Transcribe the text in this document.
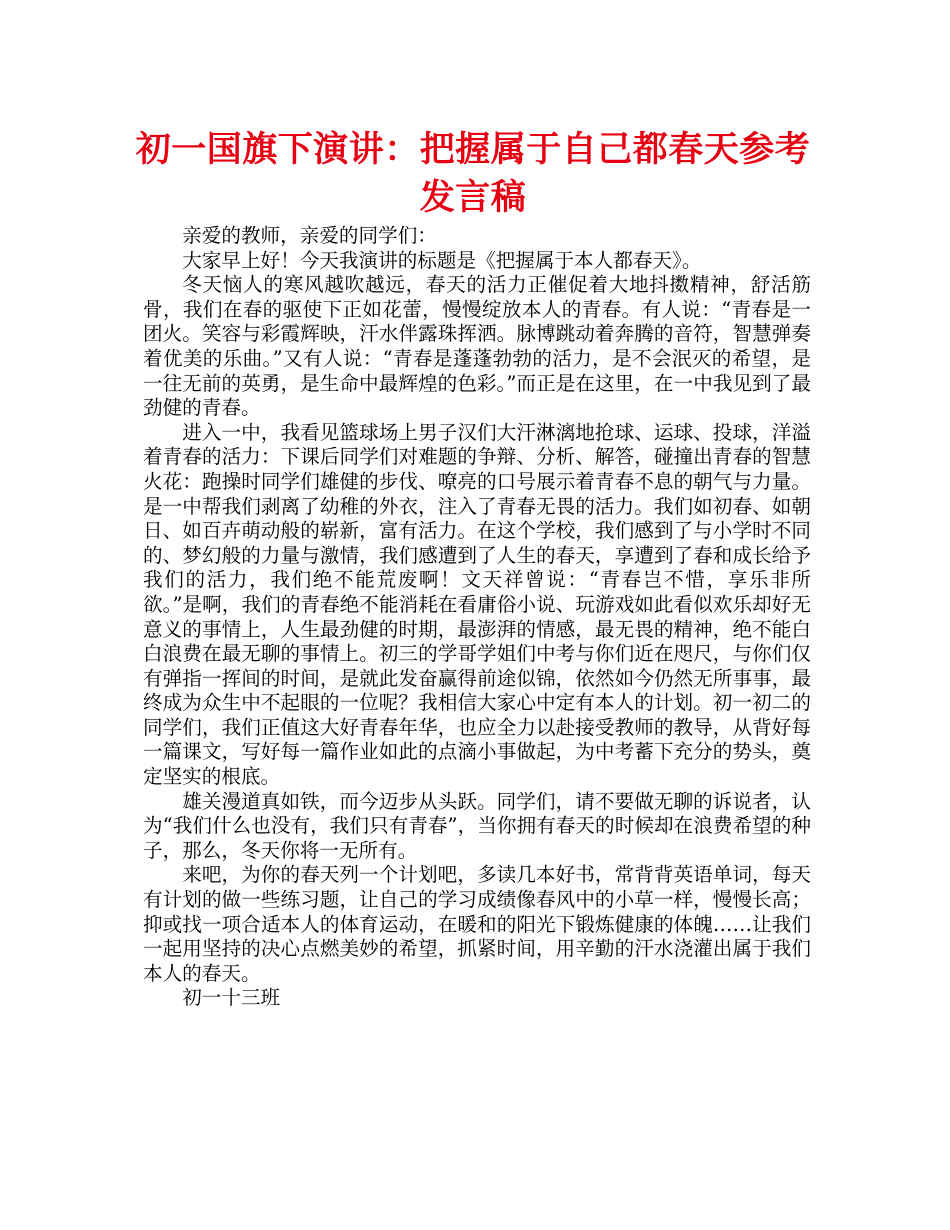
初一国旗下演讲：把握属于自己都春天参考发言稿

亲爱的教师，亲爱的同学们：

大家早上好！今天我演讲的标题是《把握属于本人都春天》。

冬天恼人的寒风越吹越远，春天的活力正催促着大地抖擞精神，舒活筋骨，我们在春的驱使下正如花蕾，慢慢绽放本人的青春。有人说：“青春是一团火。笑容与彩霞辉映，汗水伴露珠挥洒。脉博跳动着奔腾的音符，智慧弹奏着优美的乐曲。”又有人说：“青春是蓬蓬勃勃的活力，是不会泯灭的希望，是一往无前的英勇，是生命中最辉煌的色彩。”而正是在这里，在一中我见到了最劲健的青春。

进入一中，我看见篮球场上男子汉们大汗淋漓地抢球、运球、投球，洋溢着青春的活力：下课后同学们对难题的争辩、分析、解答，碰撞出青春的智慧火花：跑操时同学们雄健的步伐、嘹亮的口号展示着青春不息的朝气与力量。是一中帮我们剥离了幼稚的外衣，注入了青春无畏的活力。我们如初春、如朝日、如百卉萌动般的崭新，富有活力。在这个学校，我们感到了与小学时不同的、梦幻般的力量与激情，我们感遭到了人生的春天，享遭到了春和成长给予我们的活力，我们绝不能荒废啊！文天祥曾说：“青春岂不惜，享乐非所欲。”是啊，我们的青春绝不能消耗在看庸俗小说、玩游戏如此看似欢乐却好无意义的事情上，人生最劲健的时期，最澎湃的情感，最无畏的精神，绝不能白白浪费在最无聊的事情上。初三的学哥学姐们中考与你们近在咫尺，与你们仅有弹指一挥间的时间，是就此发奋赢得前途似锦，依然如今仍然无所事事，最终成为众生中不起眼的一位呢？我相信大家心中定有本人的计划。初一初二的同学们，我们正值这大好青春年华，也应全力以赴接受教师的教导，从背好每一篇课文，写好每一篇作业如此的点滴小事做起，为中考蓄下充分的势头，奠定坚实的根底。

雄关漫道真如铁，而今迈步从头跃。同学们，请不要做无聊的诉说者，认为“我们什么也没有，我们只有青春”，当你拥有春天的时候却在浪费希望的种子，那么，冬天你将一无所有。

来吧，为你的春天列一个计划吧，多读几本好书，常背背英语单词，每天有计划的做一些练习题，让自己的学习成绩像春风中的小草一样，慢慢长高；抑或找一项合适本人的体育运动，在暖和的阳光下锻炼健康的体魄……让我们一起用坚持的决心点燃美妙的希望，抓紧时间，用辛勤的汗水浇灌出属于我们本人的春天。

初一十三班
